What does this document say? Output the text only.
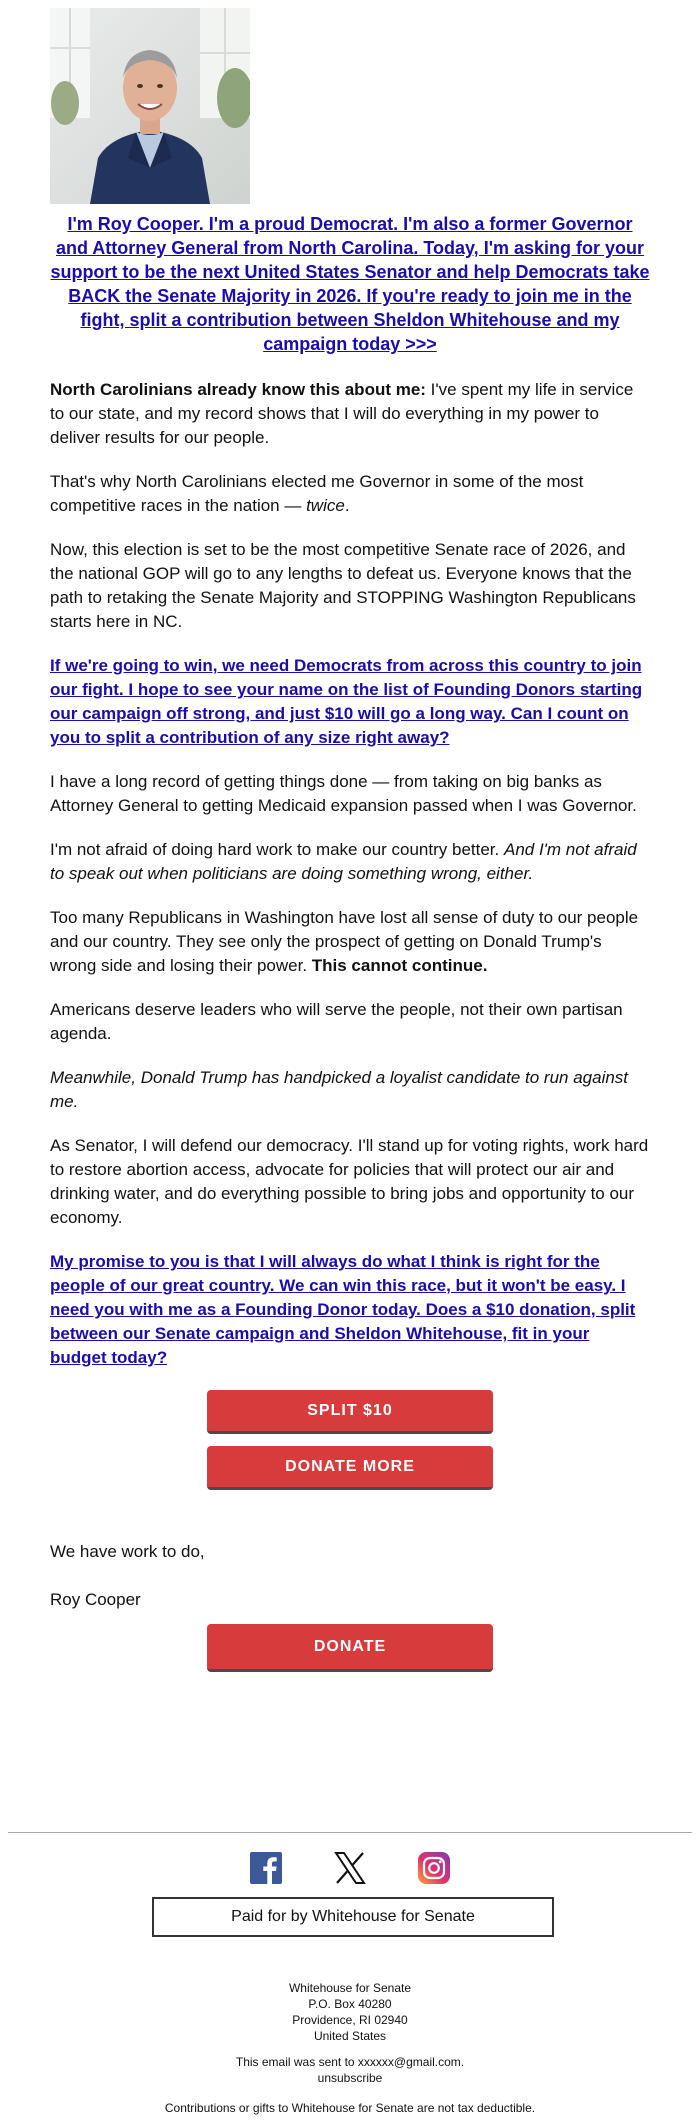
I'm Roy Cooper. I'm a proud Democrat. I'm also a former Governor and Attorney General from North Carolina. Today, I'm asking for your support to be the next United States Senator and help Democrats take BACK the Senate Majority in 2026. If you're ready to join me in the fight, split a contribution between Sheldon Whitehouse and my campaign today >>>

North Carolinians already know this about me: I've spent my life in service to our state, and my record shows that I will do everything in my power to deliver results for our people.

That's why North Carolinians elected me Governor in some of the most competitive races in the nation — twice.

Now, this election is set to be the most competitive Senate race of 2026, and the national GOP will go to any lengths to defeat us. Everyone knows that the path to retaking the Senate Majority and STOPPING Washington Republicans starts here in NC.

If we're going to win, we need Democrats from across this country to join our fight. I hope to see your name on the list of Founding Donors starting our campaign off strong, and just $10 will go a long way. Can I count on you to split a contribution of any size right away?

I have a long record of getting things done — from taking on big banks as Attorney General to getting Medicaid expansion passed when I was Governor.

I'm not afraid of doing hard work to make our country better. And I'm not afraid to speak out when politicians are doing something wrong, either.

Too many Republicans in Washington have lost all sense of duty to our people and our country. They see only the prospect of getting on Donald Trump's wrong side and losing their power. This cannot continue.

Americans deserve leaders who will serve the people, not their own partisan agenda.

Meanwhile, Donald Trump has handpicked a loyalist candidate to run against me.

As Senator, I will defend our democracy. I'll stand up for voting rights, work hard to restore abortion access, advocate for policies that will protect our air and drinking water, and do everything possible to bring jobs and opportunity to our economy.

My promise to you is that I will always do what I think is right for the people of our great country. We can win this race, but it won't be easy. I need you with me as a Founding Donor today. Does a $10 donation, split between our Senate campaign and Sheldon Whitehouse, fit in your budget today?

SPLIT $10
DONATE MORE

We have work to do,

Roy Cooper

DONATE

Paid for by Whitehouse for Senate
Whitehouse for Senate
P.O. Box 40280
Providence, RI 02940
United States
This email was sent to xxxxxx@gmail.com.
unsubscribe
Contributions or gifts to Whitehouse for Senate are not tax deductible.
